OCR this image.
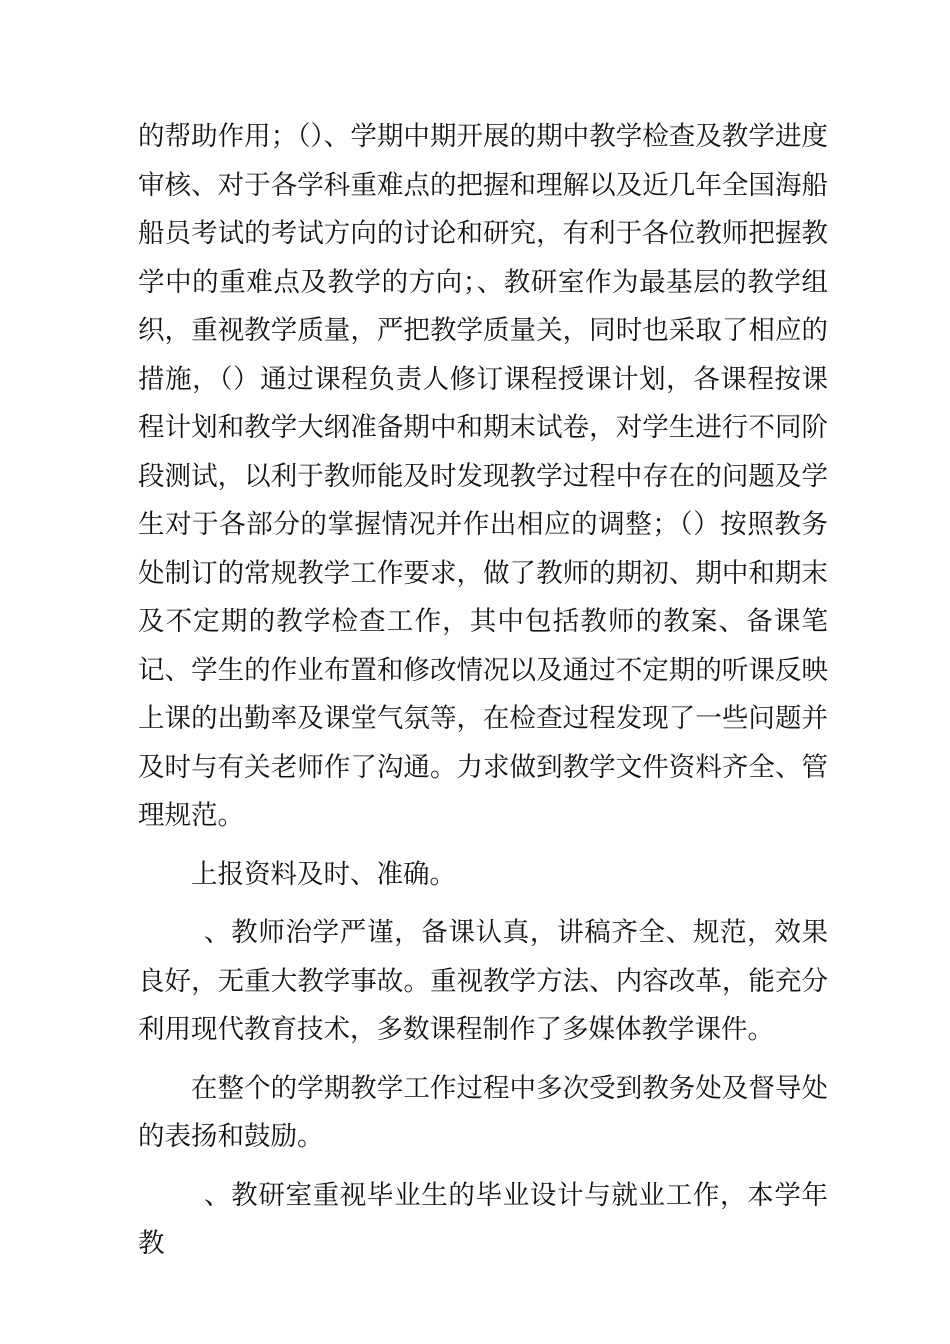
的帮助作用；（）、学期中期开展的期中教学检查及教学进度审核、对于各学科重难点的把握和理解以及近几年全国海船船员考试的考试方向的讨论和研究，有利于各位教师把握教学中的重难点及教学的方向；、教研室作为最基层的教学组织，重视教学质量，严把教学质量关，同时也采取了相应的措施，（）通过课程负责人修订课程授课计划，各课程按课程计划和教学大纲准备期中和期末试卷，对学生进行不同阶段测试，以利于教师能及时发现教学过程中存在的问题及学生对于各部分的掌握情况并作出相应的调整；（）按照教务处制订的常规教学工作要求，做了教师的期初、期中和期末及不定期的教学检查工作，其中包括教师的教案、备课笔记、学生的作业布置和修改情况以及通过不定期的听课反映上课的出勤率及课堂气氛等，在检查过程发现了一些问题并及时与有关老师作了沟通。力求做到教学文件资料齐全、管理规范。

上报资料及时、准确。

、教师治学严谨，备课认真，讲稿齐全、规范，效果良好，无重大教学事故。重视教学方法、内容改革，能充分利用现代教育技术，多数课程制作了多媒体教学课件。

在整个的学期教学工作过程中多次受到教务处及督导处的表扬和鼓励。

、教研室重视毕业生的毕业设计与就业工作，本学年教
